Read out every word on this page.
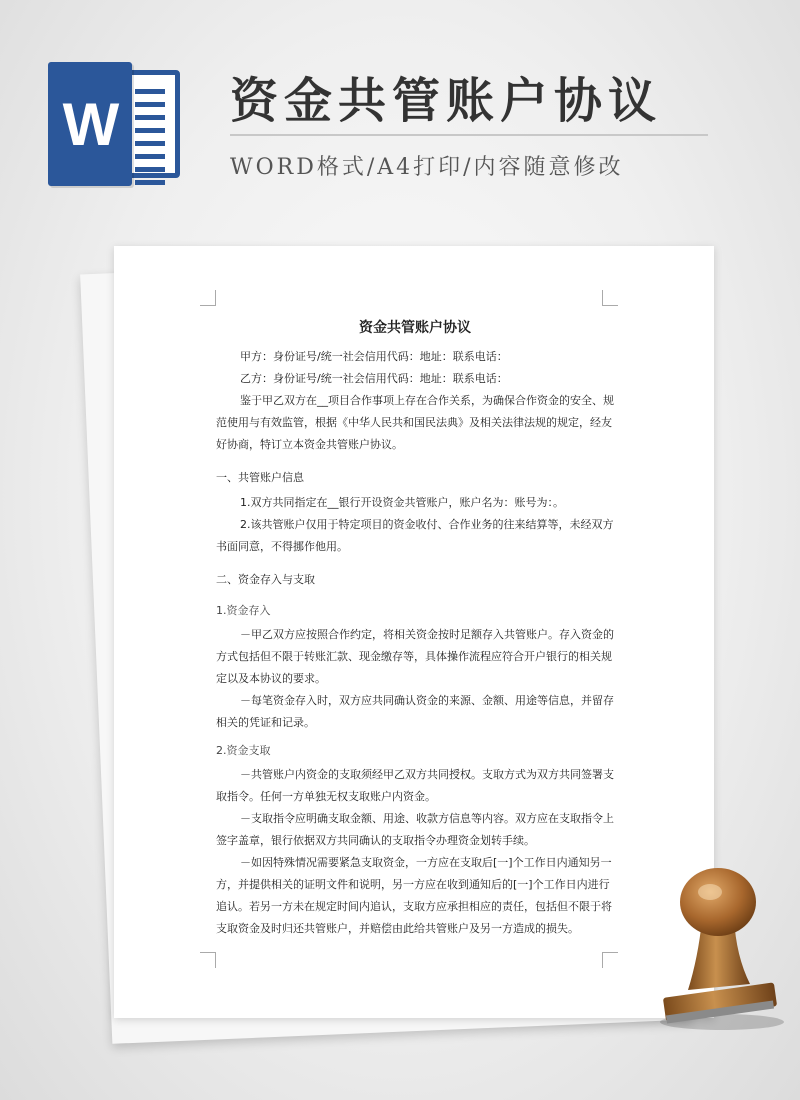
W 资金共管账户协议
WORD格式/A4打印/内容随意修改
资金共管账户协议

甲方：身份证号/统一社会信用代码：地址：联系电话：

乙方：身份证号/统一社会信用代码：地址：联系电话：

鉴于甲乙双方在__项目合作事项上存在合作关系，为确保合作资金的安全、规范使用与有效监管，根据《中华人民共和国民法典》及相关法律法规的规定，经友好协商，特订立本资金共管账户协议。

一、共管账户信息

1.双方共同指定在__银行开设资金共管账户，账户名为：账号为：。

2.该共管账户仅用于特定项目的资金收付、合作业务的往来结算等，未经双方书面同意，不得挪作他用。

二、资金存入与支取

1.资金存入

－甲乙双方应按照合作约定，将相关资金按时足额存入共管账户。存入资金的方式包括但不限于转账汇款、现金缴存等，具体操作流程应符合开户银行的相关规定以及本协议的要求。

－每笔资金存入时，双方应共同确认资金的来源、金额、用途等信息，并留存相关的凭证和记录。

2.资金支取

－共管账户内资金的支取须经甲乙双方共同授权。支取方式为双方共同签署支取指令。任何一方单独无权支取账户内资金。

－支取指令应明确支取金额、用途、收款方信息等内容。双方应在支取指令上签字盖章，银行依据双方共同确认的支取指令办理资金划转手续。

－如因特殊情况需要紧急支取资金，一方应在支取后[一]个工作日内通知另一方，并提供相关的证明文件和说明，另一方应在收到通知后的[一]个工作日内进行追认。若另一方未在规定时间内追认，支取方应承担相应的责任，包括但不限于将支取资金及时归还共管账户，并赔偿由此给共管账户及另一方造成的损失。
